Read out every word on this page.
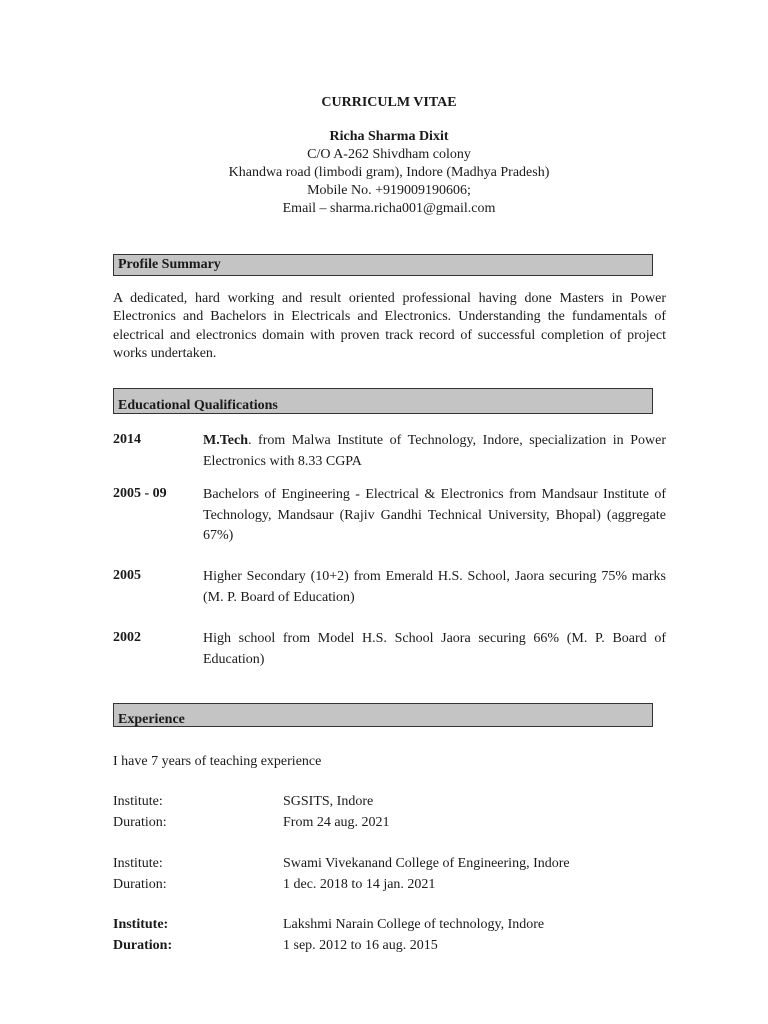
CURRICULM VITAE
Richa Sharma Dixit
C/O A-262 Shivdham colony
Khandwa road (limbodi gram), Indore (Madhya Pradesh)
Mobile No. +919009190606;
Email – sharma.richa001@gmail.com
Profile Summary
A dedicated, hard working and result oriented professional having done Masters in Power Electronics and Bachelors in Electricals and Electronics. Understanding the fundamentals of electrical and electronics domain with proven track record of successful completion of project works undertaken.
Educational Qualifications
2014	M.Tech. from Malwa Institute of Technology, Indore, specialization in Power Electronics with 8.33 CGPA
2005 - 09	Bachelors of Engineering - Electrical & Electronics from Mandsaur Institute of Technology, Mandsaur (Rajiv Gandhi Technical University, Bhopal) (aggregate 67%)
2005	Higher Secondary (10+2) from Emerald H.S. School, Jaora securing 75% marks (M. P. Board of Education)
2002	High school from Model H.S. School Jaora securing 66% (M. P. Board of Education)
Experience
I have 7 years of teaching experience
Institute:	SGSITS, Indore
Duration:	From 24 aug. 2021
Institute:	Swami Vivekanand College of Engineering, Indore
Duration:	1 dec. 2018 to 14 jan. 2021
Institute:	Lakshmi Narain College of technology, Indore
Duration:	1 sep. 2012 to 16 aug. 2015
